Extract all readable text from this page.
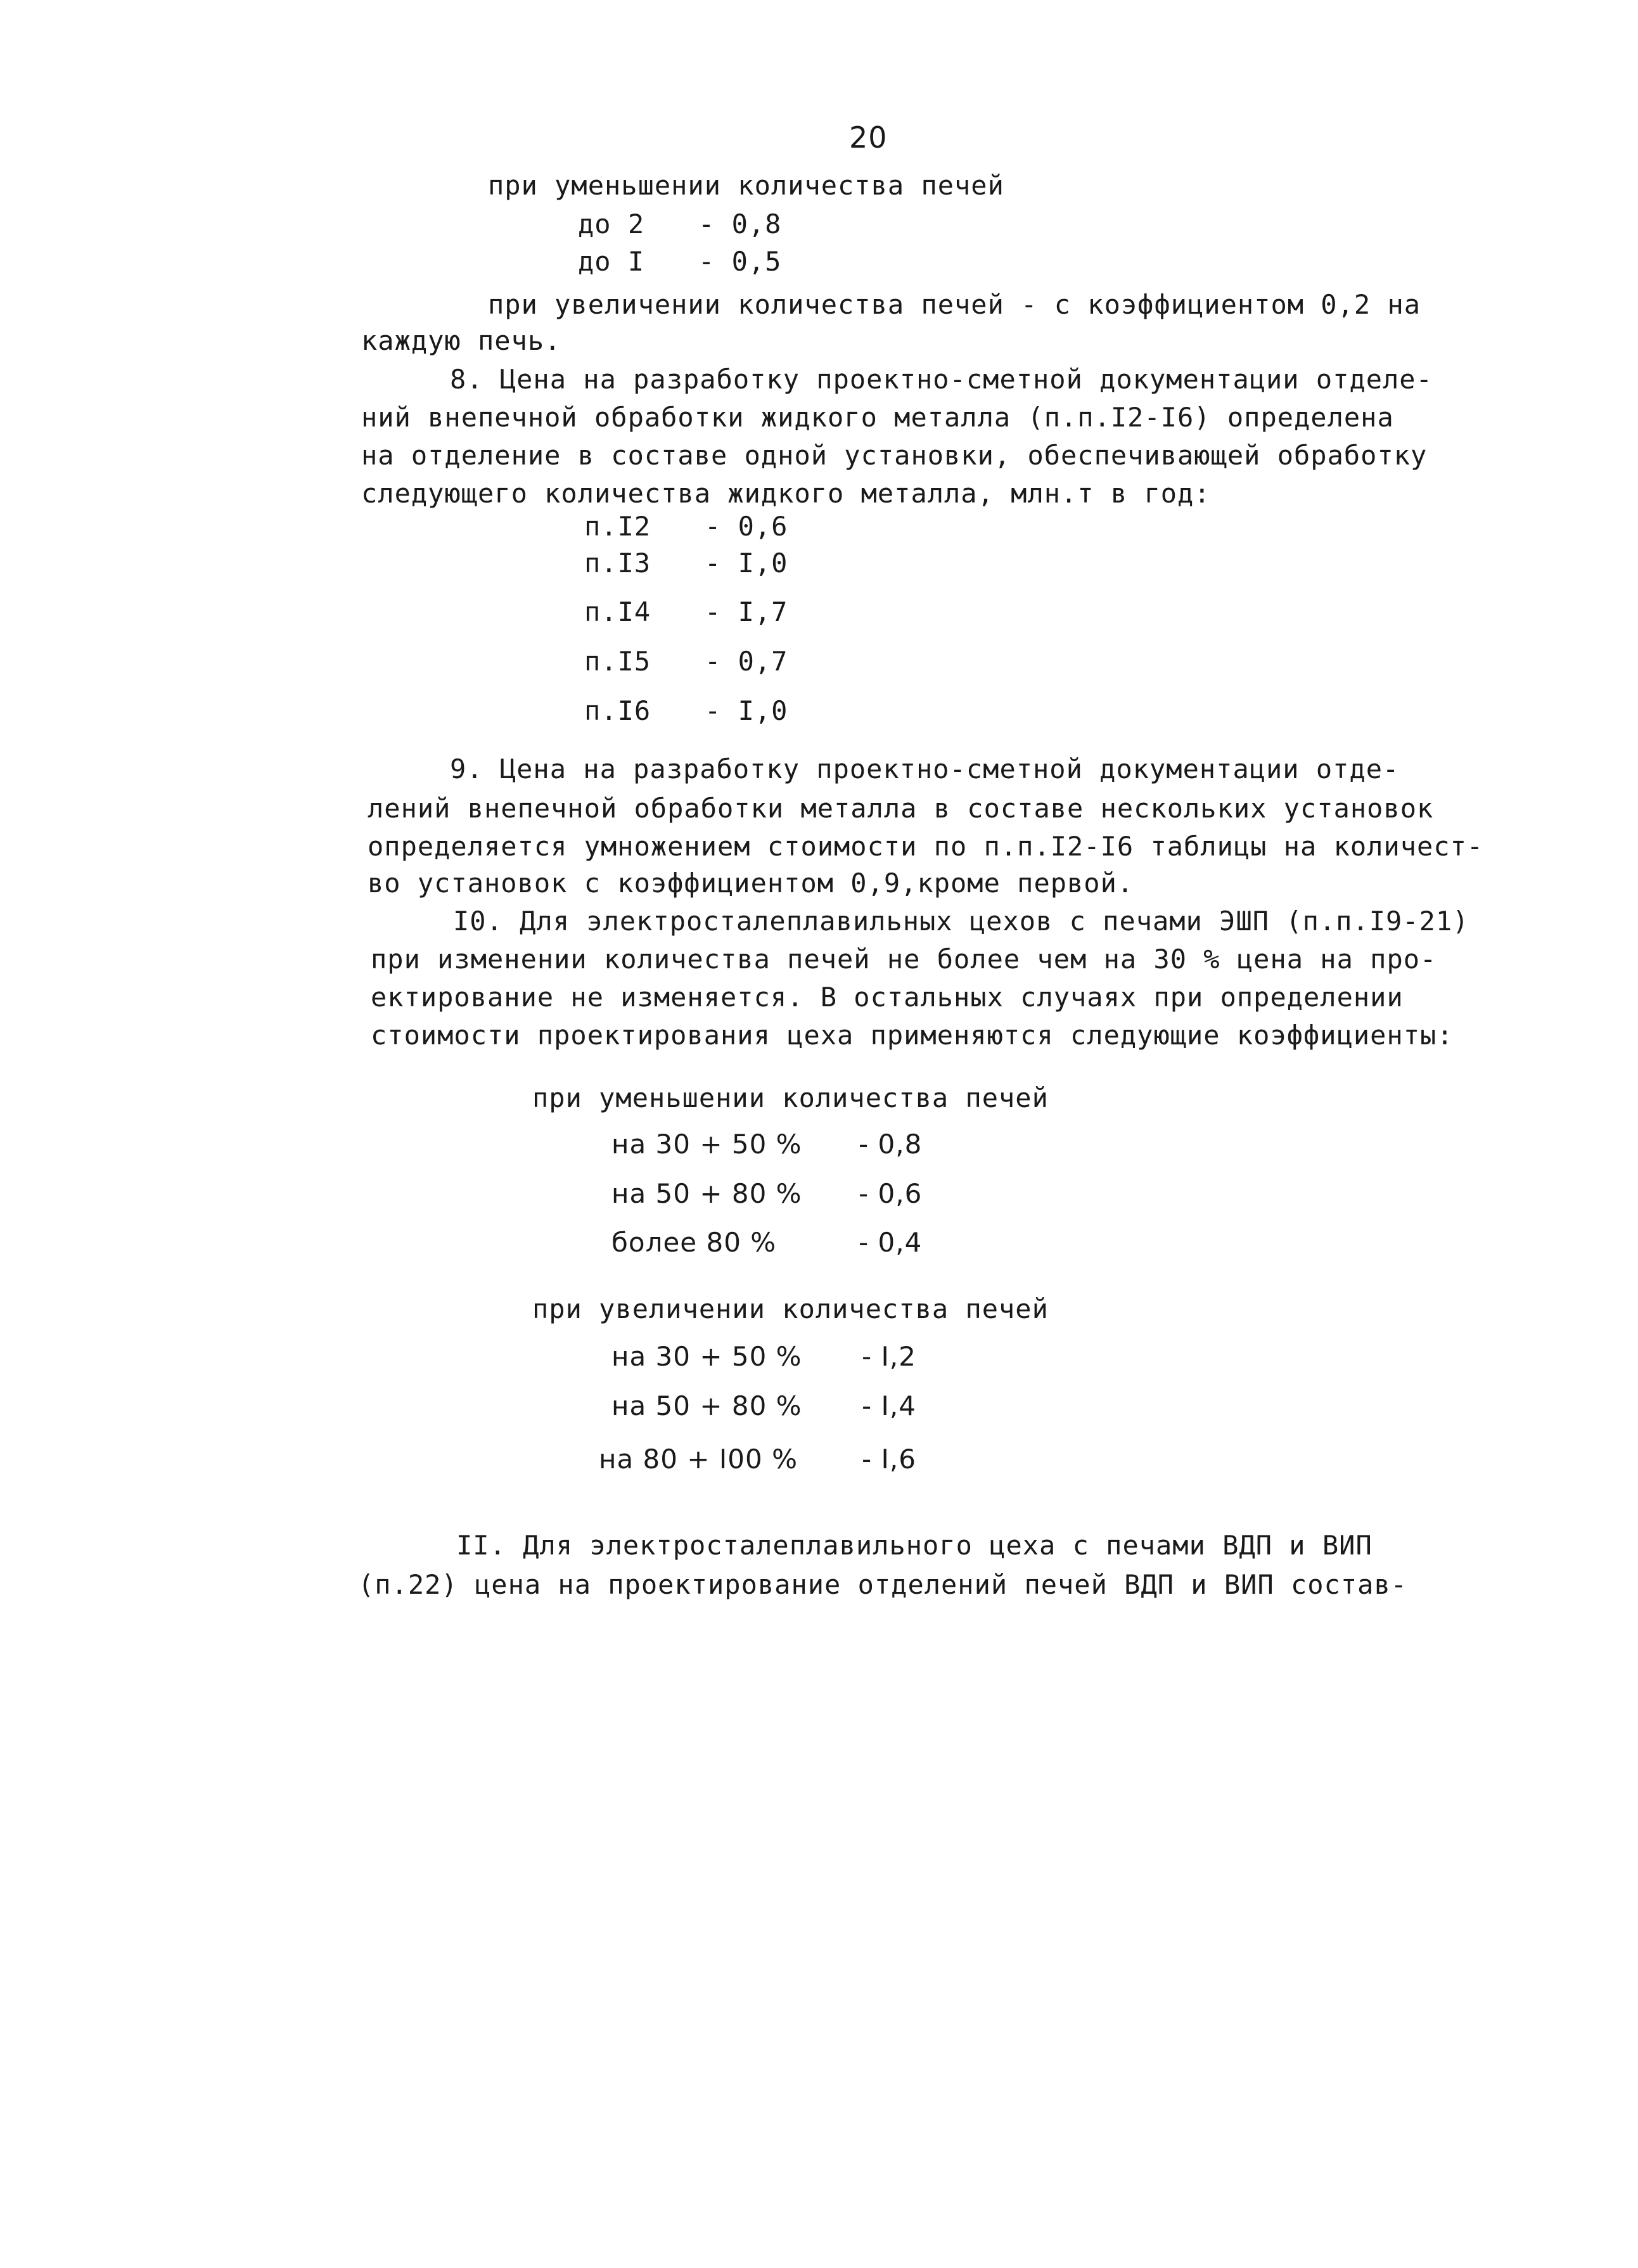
20
при уменьшении количества печей
до 2 - 0,8
до I - 0,5
при увеличении количества печей - с коэффициентом 0,2 на
каждую печь.
8. Цена на разработку проектно-сметной документации отделе-
ний внепечной обработки жидкого металла (п.п.I2-I6) определена
на отделение в составе одной установки, обеспечивающей обработку
следующего количества жидкого металла, млн.т в год:
п.I2 - 0,6
п.I3 - I,0
п.I4 - I,7
п.I5 - 0,7
п.I6 - I,0
9. Цена на разработку проектно-сметной документации отде-
лений внепечной обработки металла в составе нескольких установок
определяется умножением стоимости по п.п.I2-I6 таблицы на количест-
во установок с коэффициентом 0,9,кроме первой.
I0. Для электросталеплавильных цехов с печами ЭШП (п.п.I9-21)
при изменении количества печей не более чем на 30 % цена на про-
ектирование не изменяется. В остальных случаях при определении
стоимости проектирования цеха применяются следующие коэффициенты:
при уменьшении количества печей
на 30 + 50 % - 0,8
на 50 + 80 % - 0,6
более 80 %	- 0,4
при увеличении количества печей
на 30 + 50 % - I,2
на 50 + 80 % - I,4
на 80 + I00 % - I,6
II. Для электросталеплавильного цеха с печами ВДП и ВИП
(п.22) цена на проектирование отделений печей ВДП и ВИП состав-
